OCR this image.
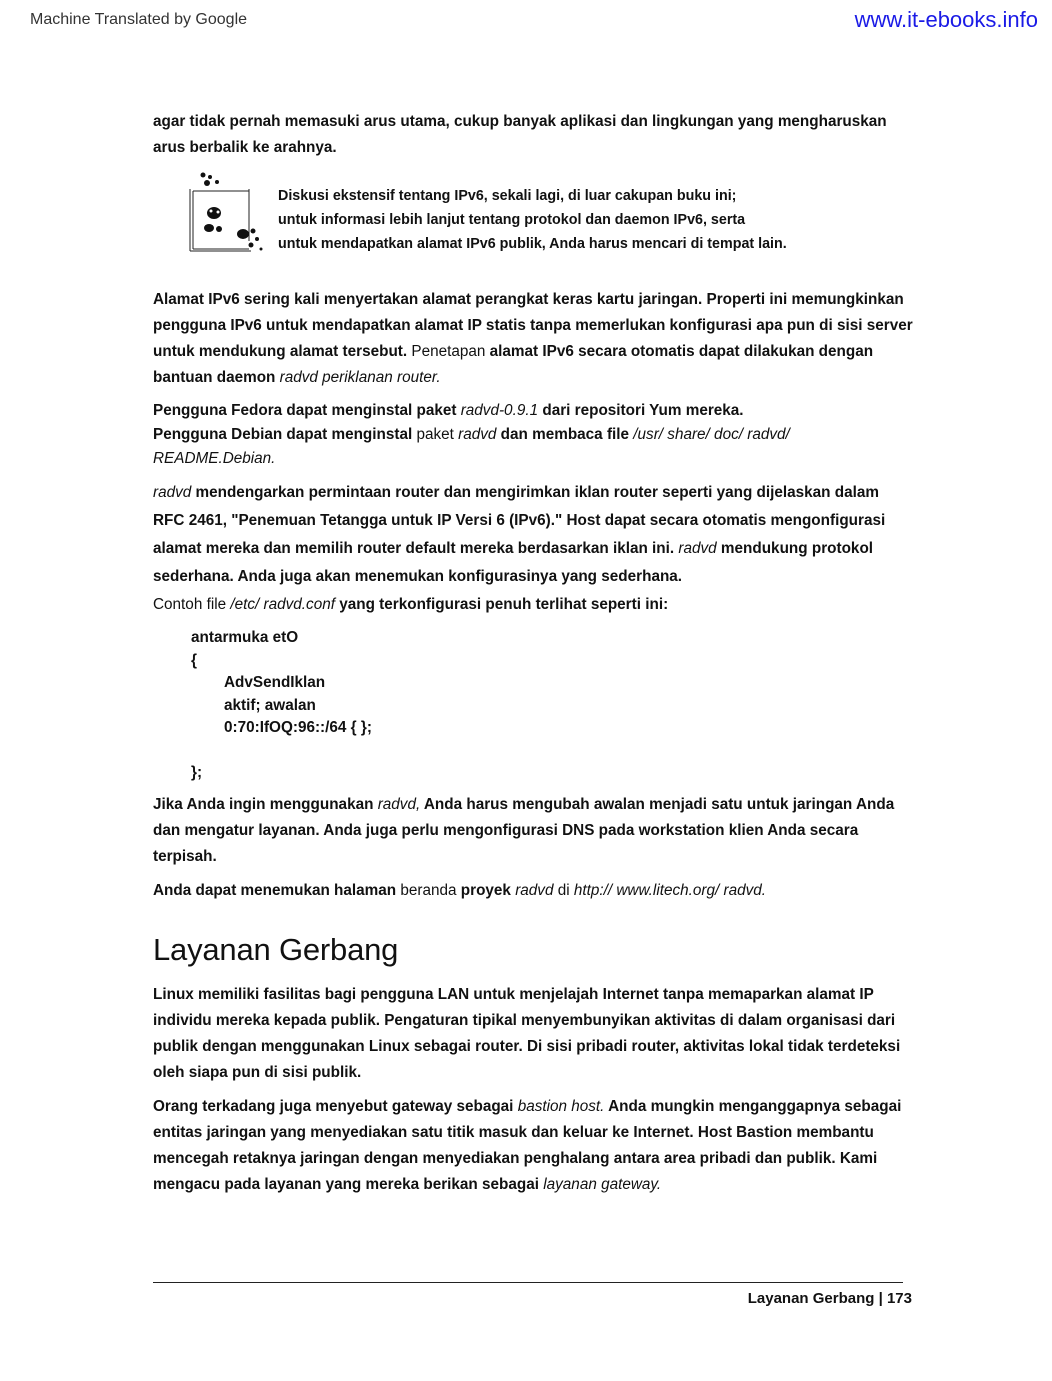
Machine Translated by Google	www.it-ebooks.info

agar tidak pernah memasuki arus utama, cukup banyak aplikasi dan lingkungan yang mengharuskan arus berbalik ke arahnya.

Diskusi ekstensif tentang IPv6, sekali lagi, di luar cakupan buku ini;
untuk informasi lebih lanjut tentang protokol dan daemon IPv6, serta
untuk mendapatkan alamat IPv6 publik, Anda harus mencari di tempat lain.

Alamat IPv6 sering kali menyertakan alamat perangkat keras kartu jaringan. Properti ini memungkinkan pengguna IPv6 untuk mendapatkan alamat IP statis tanpa memerlukan konfigurasi apa pun di sisi server untuk mendukung alamat tersebut. Penetapan alamat IPv6 secara otomatis dapat dilakukan dengan bantuan daemon radvd periklanan router.

Pengguna Fedora dapat menginstal paket radvd-0.9.1 dari repositori Yum mereka.
Pengguna Debian dapat menginstal paket radvd dan membaca file /usr/ share/ doc/ radvd/ README.Debian.

radvd mendengarkan permintaan router dan mengirimkan iklan router seperti yang dijelaskan dalam RFC 2461, "Penemuan Tetangga untuk IP Versi 6 (IPv6)." Host dapat secara otomatis mengonfigurasi alamat mereka dan memilih router default mereka berdasarkan iklan ini. radvd mendukung protokol sederhana. Anda juga akan menemukan konfigurasinya yang sederhana.
Contoh file /etc/ radvd.conf yang terkonfigurasi penuh terlihat seperti ini:

antarmuka etO
{
AdvSendIklan
aktif; awalan
0:70:IfOQ:96::/64 { };
};

Jika Anda ingin menggunakan radvd, Anda harus mengubah awalan menjadi satu untuk jaringan Anda dan mengatur layanan. Anda juga perlu mengonfigurasi DNS pada workstation klien Anda secara terpisah.

Anda dapat menemukan halaman beranda proyek radvd di http:// www.litech.org/ radvd.

Layanan Gerbang

Linux memiliki fasilitas bagi pengguna LAN untuk menjelajah Internet tanpa memaparkan alamat IP individu mereka kepada publik. Pengaturan tipikal menyembunyikan aktivitas di dalam organisasi dari publik dengan menggunakan Linux sebagai router. Di sisi pribadi router, aktivitas lokal tidak terdeteksi oleh siapa pun di sisi publik.

Orang terkadang juga menyebut gateway sebagai bastion host. Anda mungkin menganggapnya sebagai entitas jaringan yang menyediakan satu titik masuk dan keluar ke Internet. Host Bastion membantu mencegah retaknya jaringan dengan menyediakan penghalang antara area pribadi dan publik. Kami mengacu pada layanan yang mereka berikan sebagai layanan gateway.

Layanan Gerbang | 173
